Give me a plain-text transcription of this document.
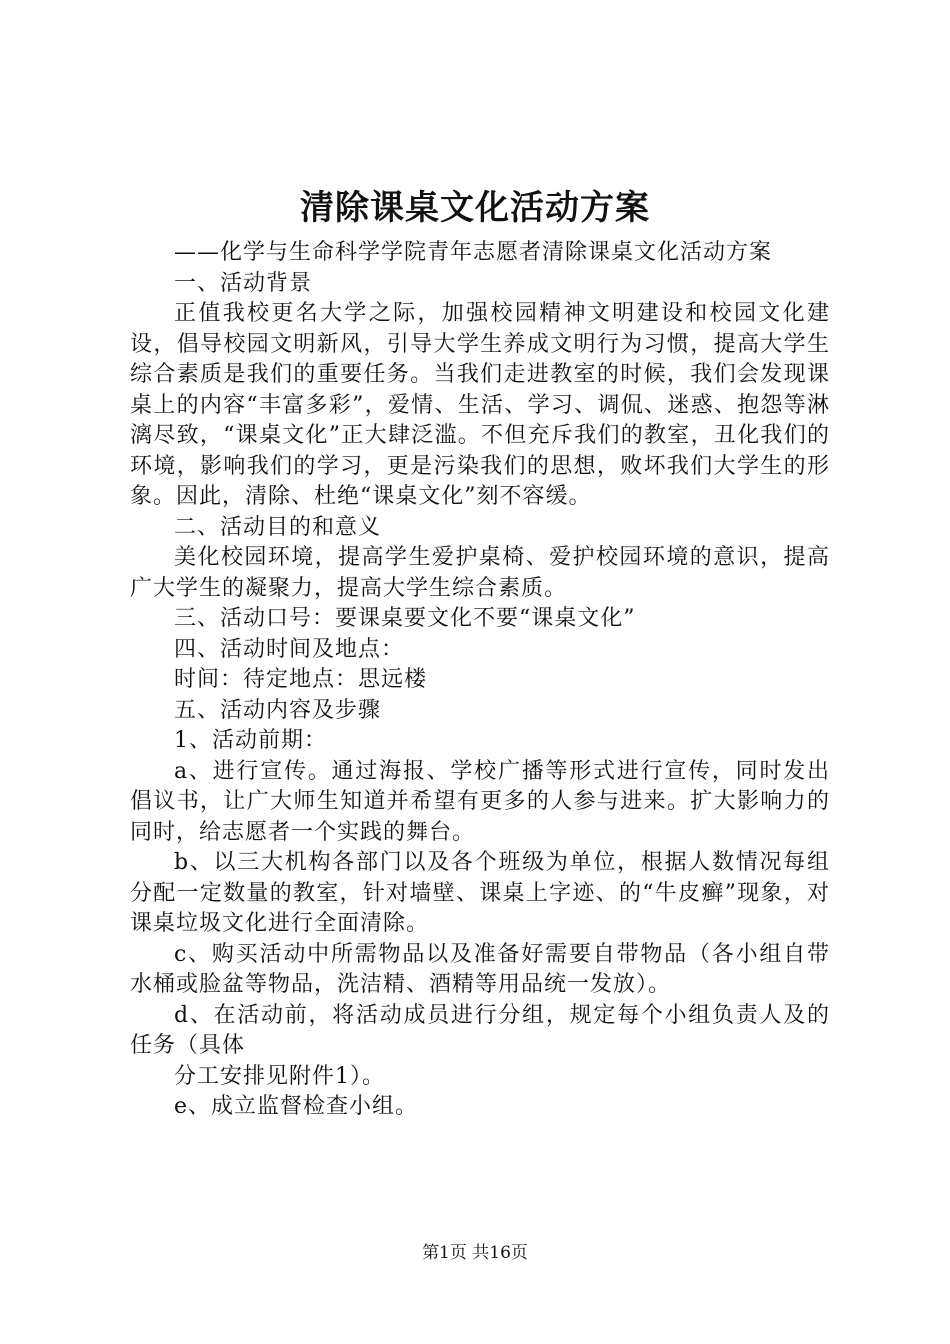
清除课桌文化活动方案

——化学与生命科学学院青年志愿者清除课桌文化活动方案

一、活动背景

正值我校更名大学之际，加强校园精神文明建设和校园文化建设，倡导校园文明新风，引导大学生养成文明行为习惯，提高大学生综合素质是我们的重要任务。当我们走进教室的时候，我们会发现课桌上的内容“丰富多彩”，爱情、生活、学习、调侃、迷惑、抱怨等淋漓尽致，“课桌文化”正大肆泛滥。不但充斥我们的教室，丑化我们的环境，影响我们的学习，更是污染我们的思想，败坏我们大学生的形象。因此，清除、杜绝“课桌文化”刻不容缓。

二、活动目的和意义

美化校园环境，提高学生爱护桌椅、爱护校园环境的意识，提高广大学生的凝聚力，提高大学生综合素质。

三、活动口号：要课桌要文化不要“课桌文化”

四、活动时间及地点：

时间：待定地点：思远楼

五、活动内容及步骤

1、活动前期：

a、进行宣传。通过海报、学校广播等形式进行宣传，同时发出倡议书，让广大师生知道并希望有更多的人参与进来。扩大影响力的同时，给志愿者一个实践的舞台。

b、以三大机构各部门以及各个班级为单位，根据人数情况每组分配一定数量的教室，针对墙壁、课桌上字迹、的“牛皮癣”现象，对课桌垃圾文化进行全面清除。

c、购买活动中所需物品以及准备好需要自带物品（各小组自带水桶或脸盆等物品，洗洁精、酒精等用品统一发放）。

d、在活动前，将活动成员进行分组，规定每个小组负责人及的任务（具体

分工安排见附件1）。

e、成立监督检查小组。

第1页 共16页
